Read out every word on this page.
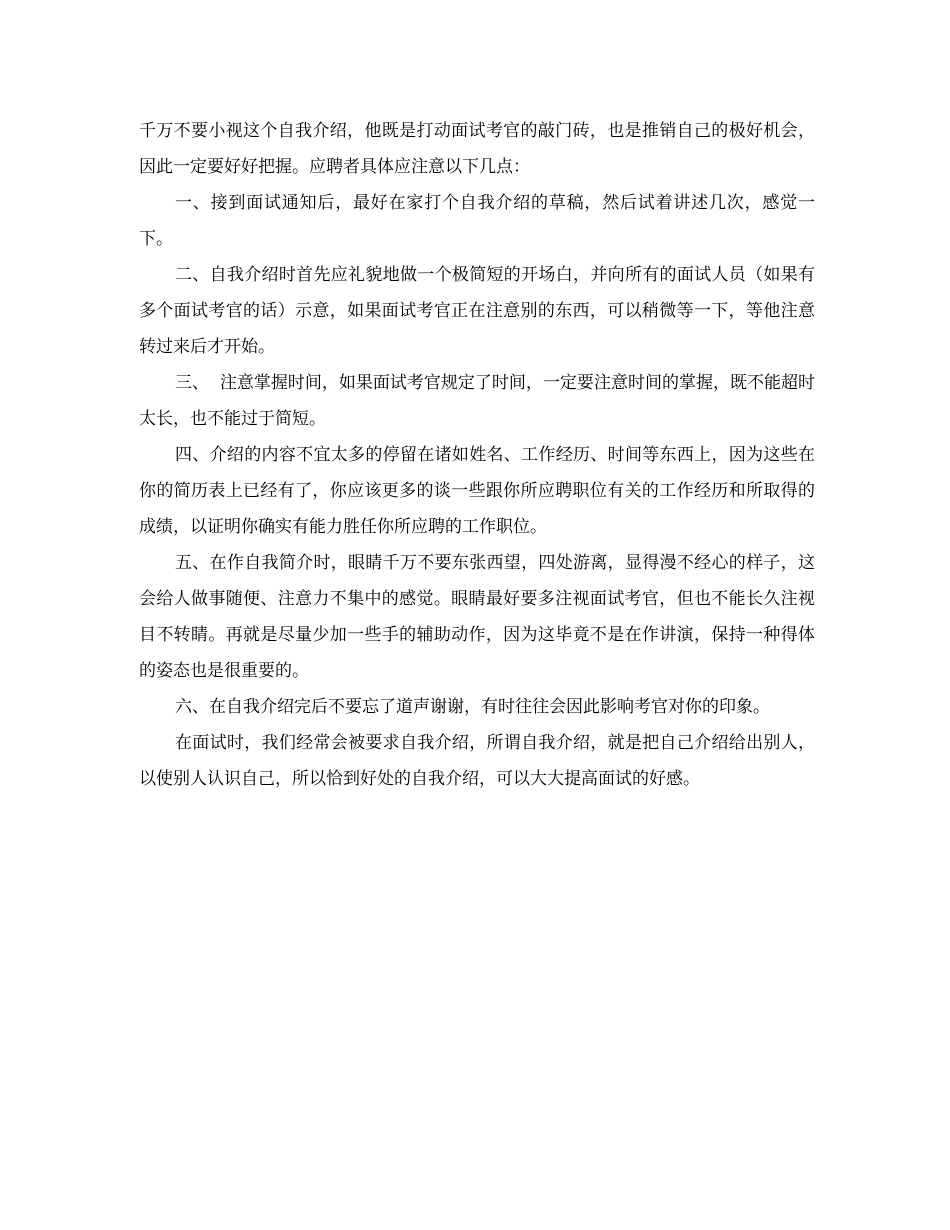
千万不要小视这个自我介绍，他既是打动面试考官的敲门砖，也是推销自己的极好机会，因此一定要好好把握。应聘者具体应注意以下几点：

一、接到面试通知后，最好在家打个自我介绍的草稿，然后试着讲述几次，感觉一下。

二、自我介绍时首先应礼貌地做一个极简短的开场白，并向所有的面试人员（如果有多个面试考官的话）示意，如果面试考官正在注意别的东西，可以稍微等一下，等他注意转过来后才开始。

三、  注意掌握时间，如果面试考官规定了时间，一定要注意时间的掌握，既不能超时太长，也不能过于简短。

四、介绍的内容不宜太多的停留在诸如姓名、工作经历、时间等东西上，因为这些在你的简历表上已经有了，你应该更多的谈一些跟你所应聘职位有关的工作经历和所取得的成绩，以证明你确实有能力胜任你所应聘的工作职位。

五、在作自我简介时，眼睛千万不要东张西望，四处游离，显得漫不经心的样子，这会给人做事随便、注意力不集中的感觉。眼睛最好要多注视面试考官，但也不能长久注视目不转睛。再就是尽量少加一些手的辅助动作，因为这毕竟不是在作讲演，保持一种得体的姿态也是很重要的。

六、在自我介绍完后不要忘了道声谢谢，有时往往会因此影响考官对你的印象。

在面试时，我们经常会被要求自我介绍，所谓自我介绍，就是把自己介绍给出别人，以使别人认识自己，所以恰到好处的自我介绍，可以大大提高面试的好感。
